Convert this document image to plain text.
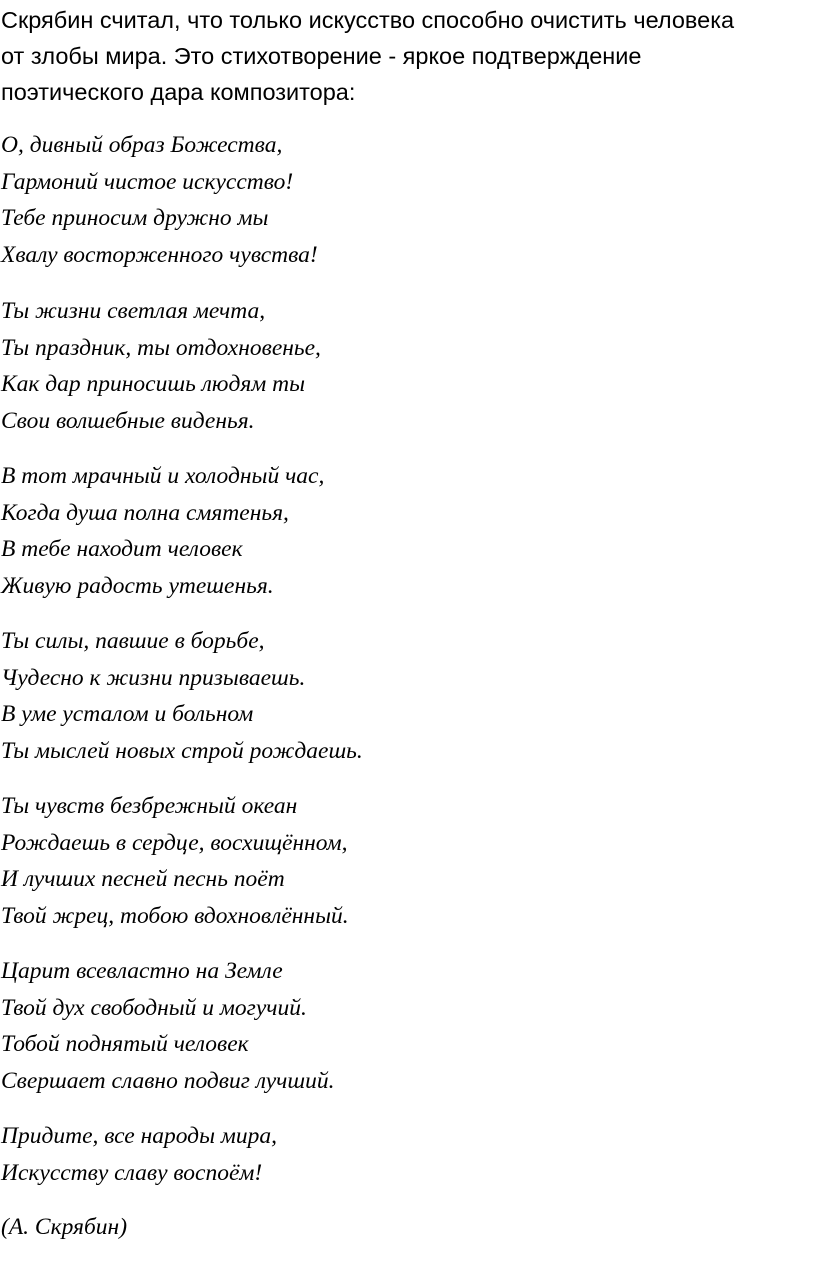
Скрябин считал, что только искусство способно очистить человека
от злобы мира. Это стихотворение - яркое подтверждение
поэтического дара композитора:

О, дивный образ Божества,
Гармоний чистое искусство!
Тебе приносим дружно мы
Хвалу восторженного чувства!

Ты жизни светлая мечта,
Ты праздник, ты отдохновенье,
Как дар приносишь людям ты
Свои волшебные виденья.

В тот мрачный и холодный час,
Когда душа полна смятенья,
В тебе находит человек
Живую радость утешенья.

Ты силы, павшие в борьбе,
Чудесно к жизни призываешь.
В уме усталом и больном
Ты мыслей новых строй рождаешь.

Ты чувств безбрежный океан
Рождаешь в сердце, восхищённом,
И лучших песней песнь поёт
Твой жрец, тобою вдохновлённый.

Царит всевластно на Земле
Твой дух свободный и могучий.
Тобой поднятый человек
Свершает славно подвиг лучший.

Придите, все народы мира,
Искусству славу воспоём!

(А. Скрябин)
